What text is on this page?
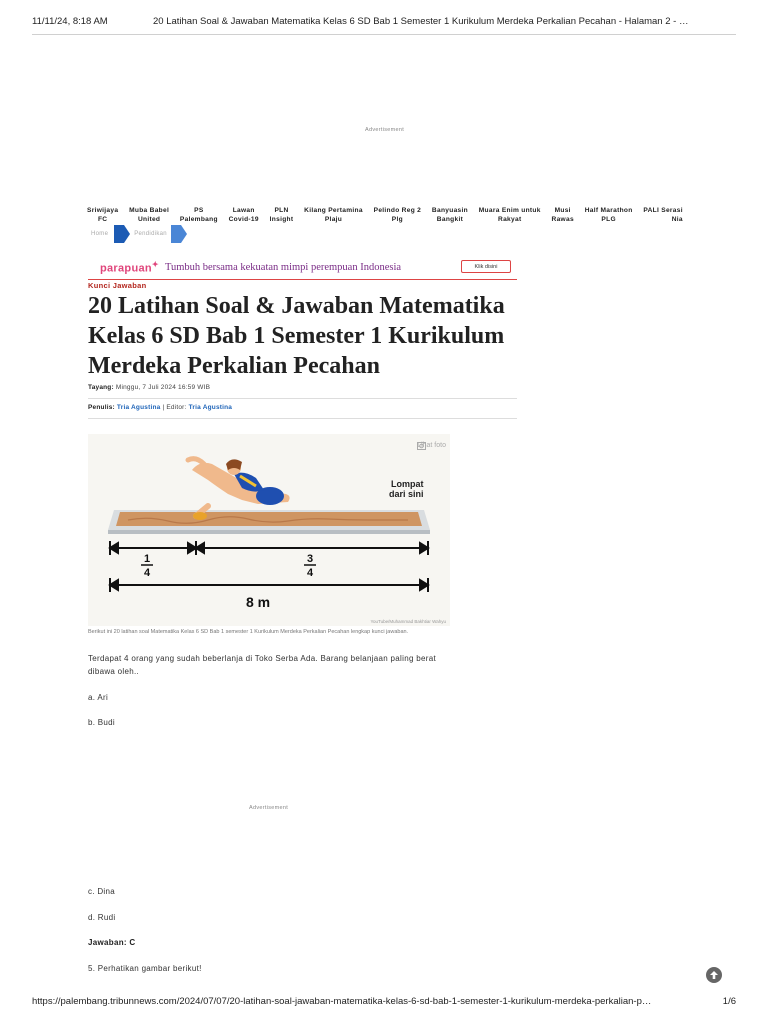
11/11/24, 8:18 AM	20 Latihan Soal & Jawaban Matematika Kelas 6 SD Bab 1 Semester 1 Kurikulum Merdeka Perkalian Pecahan - Halaman 2 - …
Advertisement
Sriwijaya
FC
Muba Babel
United
PS
Palembang
Lawan
Covid-19
PLN
Insight
Kilang Pertamina
Plaju
Pelindo Reg 2
Plg
Banyuasin
Bangkit
Muara Enim untuk
Rakyat
Musi
Rawas
Half Marathon
PLG
PALI Serasi
Nia
Home	Pendidikan
parapuan✦ Tumbuh bersama kekuatan mimpi perempuan Indonesia	Klik disini
Kunci Jawaban
20 Latihan Soal & Jawaban Matematika Kelas 6 SD Bab 1 Semester 1 Kurikulum Merdeka Perkalian Pecahan
Tayang: Minggu, 7 Juli 2024 16:59 WIB
Penulis: Tria Agustina | Editor: Tria Agustina
Lompat
dari sini
1
4
3
4
8 m
Lihat foto
YouTube/Muhammad Bakhtiar Wahyu
Berikut ini 20 latihan soal Matematika Kelas 6 SD Bab 1 semester 1 Kurikulum Merdeka Perkalian Pecahan lengkap kunci jawaban.

Terdapat 4 orang yang sudah beberlanja di Toko Serba Ada. Barang belanjaan paling berat dibawa oleh..

a. Ari

b. Budi

Advertisement

c. Dina

d. Rudi

Jawaban: C

5. Perhatikan gambar berikut!

https://palembang.tribunnews.com/2024/07/07/20-latihan-soal-jawaban-matematika-kelas-6-sd-bab-1-semester-1-kurikulum-merdeka-perkalian-p…	1/6
